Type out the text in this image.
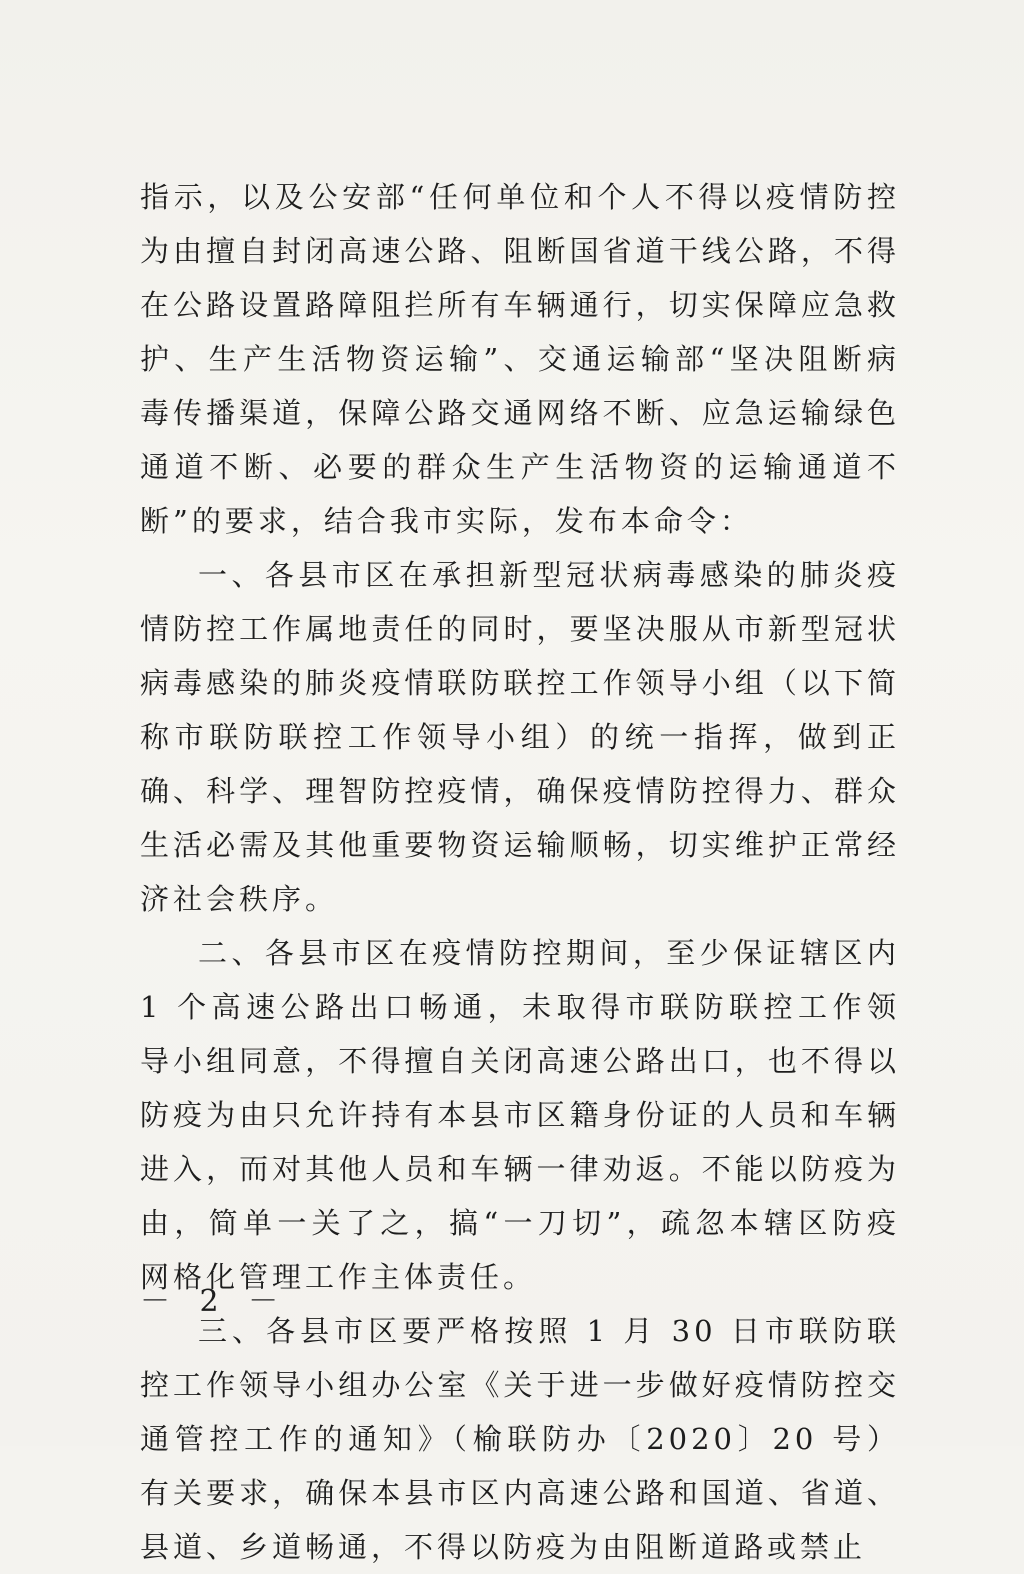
指示，以及公安部“任何单位和个人不得以疫情防控为由擅自封闭高速公路、阻断国省道干线公路，不得在公路设置路障阻拦所有车辆通行，切实保障应急救护、生产生活物资运输”、交通运输部“坚决阻断病毒传播渠道，保障公路交通网络不断、应急运输绿色通道不断、必要的群众生产生活物资的运输通道不断”的要求，结合我市实际，发布本命令：

一、各县市区在承担新型冠状病毒感染的肺炎疫情防控工作属地责任的同时，要坚决服从市新型冠状病毒感染的肺炎疫情联防联控工作领导小组（以下简称市联防联控工作领导小组）的统一指挥，做到正确、科学、理智防控疫情，确保疫情防控得力、群众生活必需及其他重要物资运输顺畅，切实维护正常经济社会秩序。

二、各县市区在疫情防控期间，至少保证辖区内 1 个高速公路出口畅通，未取得市联防联控工作领导小组同意，不得擅自关闭高速公路出口，也不得以防疫为由只允许持有本县市区籍身份证的人员和车辆进入，而对其他人员和车辆一律劝返。不能以防疫为由，简单一关了之，搞“一刀切”，疏忽本辖区防疫网格化管理工作主体责任。

三、各县市区要严格按照 1 月 30 日市联防联控工作领导小组办公室《关于进一步做好疫情防控交通管控工作的通知》（榆联防办〔2020〕20 号）有关要求，确保本县市区内高速公路和国道、省道、县道、乡道畅通，不得以防疫为由阻断道路或禁止

－ 2 －
